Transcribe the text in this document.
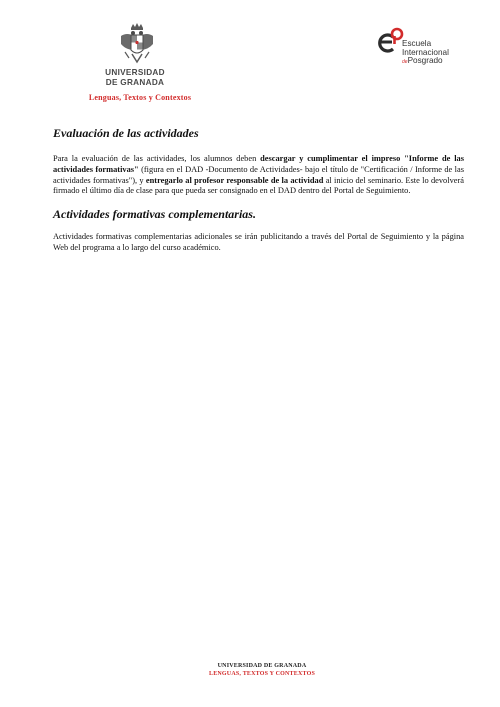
UNIVERSIDAD
DE GRANADA
Lenguas, Textos y Contextos
Escuela
Internacional
dePosgrado
Evaluación de las actividades

Para la evaluación de las actividades, los alumnos deben descargar y cumplimentar el impreso "Informe de las actividades formativas" (figura en el DAD -Documento de Actividades- bajo el título de "Certificación / Informe de las actividades formativas"), y entregarlo al profesor responsable de la actividad al inicio del seminario. Este lo devolverá firmado el último día de clase para que pueda ser consignado en el DAD dentro del Portal de Seguimiento.

Actividades formativas complementarias.

Actividades formativas complementarias adicionales se irán publicitando a través del Portal de Seguimiento y la página Web del programa a lo largo del curso académico.

UNIVERSIDAD DE GRANADA
LENGUAS, TEXTOS Y CONTEXTOS
